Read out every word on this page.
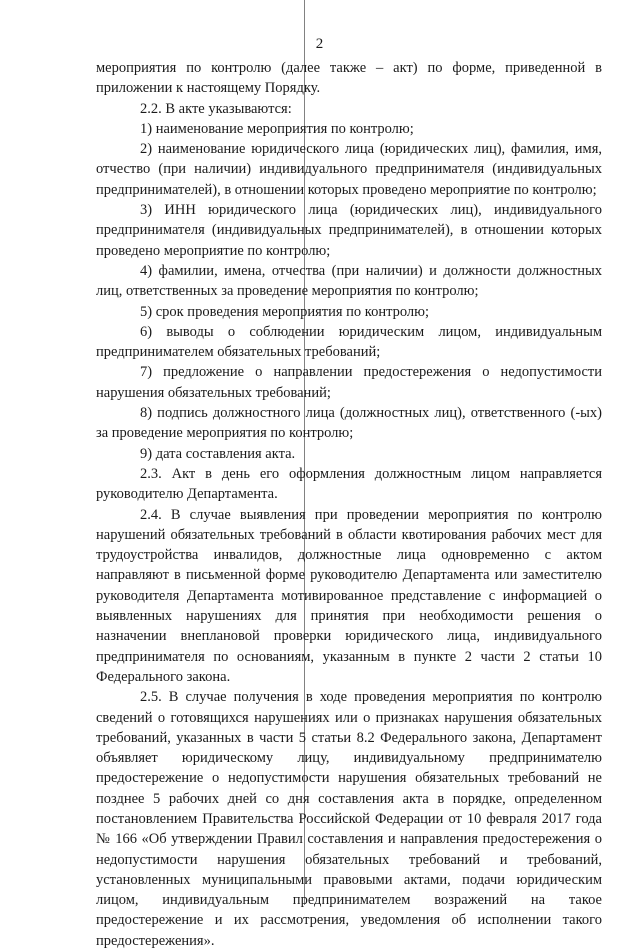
2

мероприятия по контролю (далее также – акт) по форме, приведенной в приложении к настоящему Порядку.

2.2. В акте указываются:

1) наименование мероприятия по контролю;

2) наименование юридического лица (юридических лиц), фамилия, имя, отчество (при наличии) индивидуального предпринимателя (индивидуальных предпринимателей), в отношении которых проведено мероприятие по контролю;

3) ИНН юридического лица (юридических лиц), индивидуального предпринимателя (индивидуальных предпринимателей), в отношении которых проведено мероприятие по контролю;

4) фамилии, имена, отчества (при наличии) и должности должностных лиц, ответственных за проведение мероприятия по контролю;

5) срок проведения мероприятия по контролю;

6) выводы о соблюдении юридическим лицом, индивидуальным предпринимателем обязательных требований;

7) предложение о направлении предостережения о недопустимости нарушения обязательных требований;

8) подпись должностного лица (должностных лиц), ответственного (-ых) за проведение мероприятия по контролю;

9) дата составления акта.

2.3. Акт в день его оформления должностным лицом направляется руководителю Департамента.

2.4. В случае выявления при проведении мероприятия по контролю нарушений обязательных требований в области квотирования рабочих мест для трудоустройства инвалидов, должностные лица одновременно с актом направляют в письменной форме руководителю Департамента или заместителю руководителя Департамента мотивированное представление с информацией о выявленных нарушениях для принятия при необходимости решения о назначении внеплановой проверки юридического лица, индивидуального предпринимателя по основаниям, указанным в пункте 2 части 2 статьи 10 Федерального закона.

2.5. В случае получения в ходе проведения мероприятия по контролю сведений о готовящихся нарушениях или о признаках нарушения обязательных требований, указанных в части 5 статьи 8.2 Федерального закона, Департамент объявляет юридическому лицу, индивидуальному предпринимателю предостережение о недопустимости нарушения обязательных требований не позднее 5 рабочих дней со дня составления акта в порядке, определенном постановлением Правительства Российской Федерации от 10 февраля 2017 года № 166 «Об утверждении Правил составления и направления предостережения о недопустимости нарушения обязательных требований и требований, установленных муниципальными правовыми актами, подачи юридическим лицом, индивидуальным предпринимателем возражений на такое предостережение и их рассмотрения, уведомления об исполнении такого предостережения».
